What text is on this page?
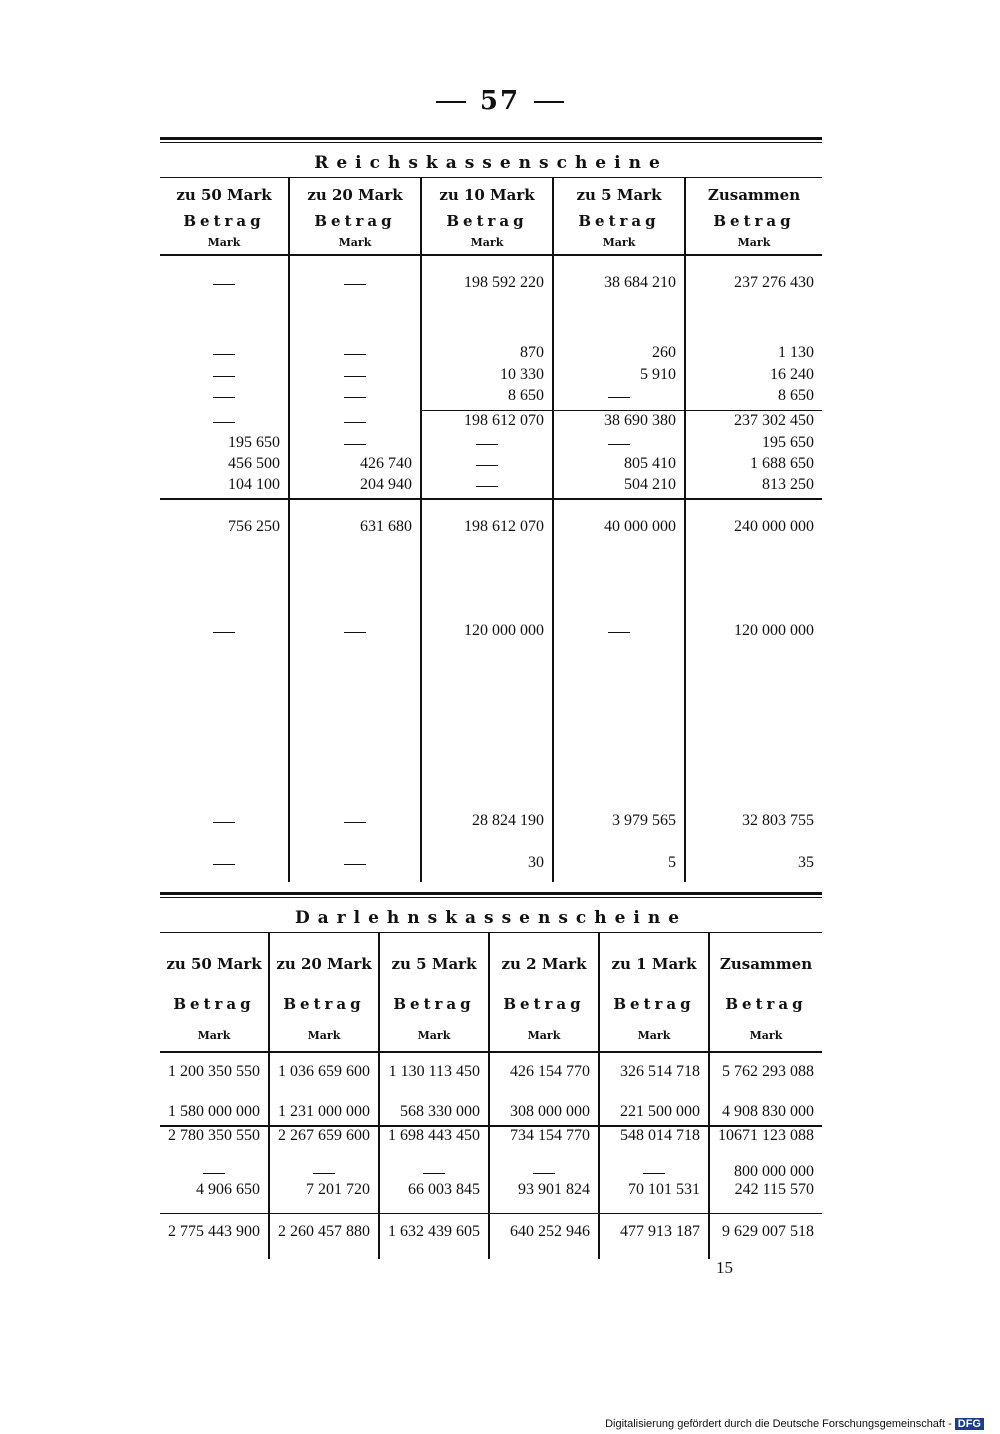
57
Reichskassenscheine
zu 50 Mark
Betrag
Mark
zu 20 Mark
Betrag
Mark
zu 10 Mark
Betrag
Mark
zu 5 Mark
Betrag
Mark
Zusammen
Betrag
Mark
195 650
456 500
104 100
756 250
426 740
204 940
631 680
198 592 220
870
10 330
8 650
198 612 070
198 612 070
120 000 000
28 824 190
30
38 684 210
260
5 910
38 690 380
805 410
504 210
40 000 000
3 979 565
5
237 276 430
1 130
16 240
8 650
237 302 450
195 650
1 688 650
813 250
240 000 000
120 000 000
32 803 755
35
Darlehnskassenscheine
zu 50 Mark
Betrag
Mark
zu 20 Mark
Betrag
Mark
zu 5 Mark
Betrag
Mark
zu 2 Mark
Betrag
Mark
zu 1 Mark
Betrag
Mark
Zusammen
Betrag
Mark
1 200 350 550
1 580 000 000
2 780 350 550
4 906 650
2 775 443 900
1 036 659 600
1 231 000 000
2 267 659 600
7 201 720
2 260 457 880
1 130 113 450
568 330 000
1 698 443 450
66 003 845
1 632 439 605
426 154 770
308 000 000
734 154 770
93 901 824
640 252 946
326 514 718
221 500 000
548 014 718
70 101 531
477 913 187
5 762 293 088
4 908 830 000
10671 123 088
800 000 000
242 115 570
9 629 007 518
15
Digitalisierung gefördert durch die Deutsche Forschungsgemeinschaft - DFG
